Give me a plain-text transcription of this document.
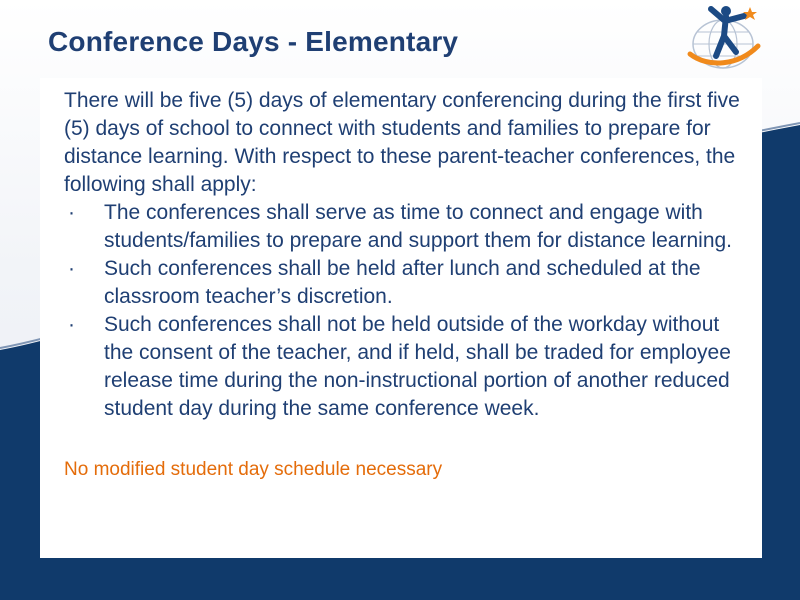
Conference Days - Elementary

There will be five (5) days of elementary conferencing during the first five (5) days of school to connect with students and families to prepare for distance learning. With respect to these parent-teacher conferences, the following shall apply:

·	The conferences shall serve as time to connect and engage with students/families to prepare and support them for distance learning.
·	Such conferences shall be held after lunch and scheduled at the classroom teacher’s discretion.
·	Such conferences shall not be held outside of the workday without the consent of the teacher, and if held, shall be traded for employee release time during the non-instructional portion of another reduced student day during the same conference week.

No modified student day schedule necessary
